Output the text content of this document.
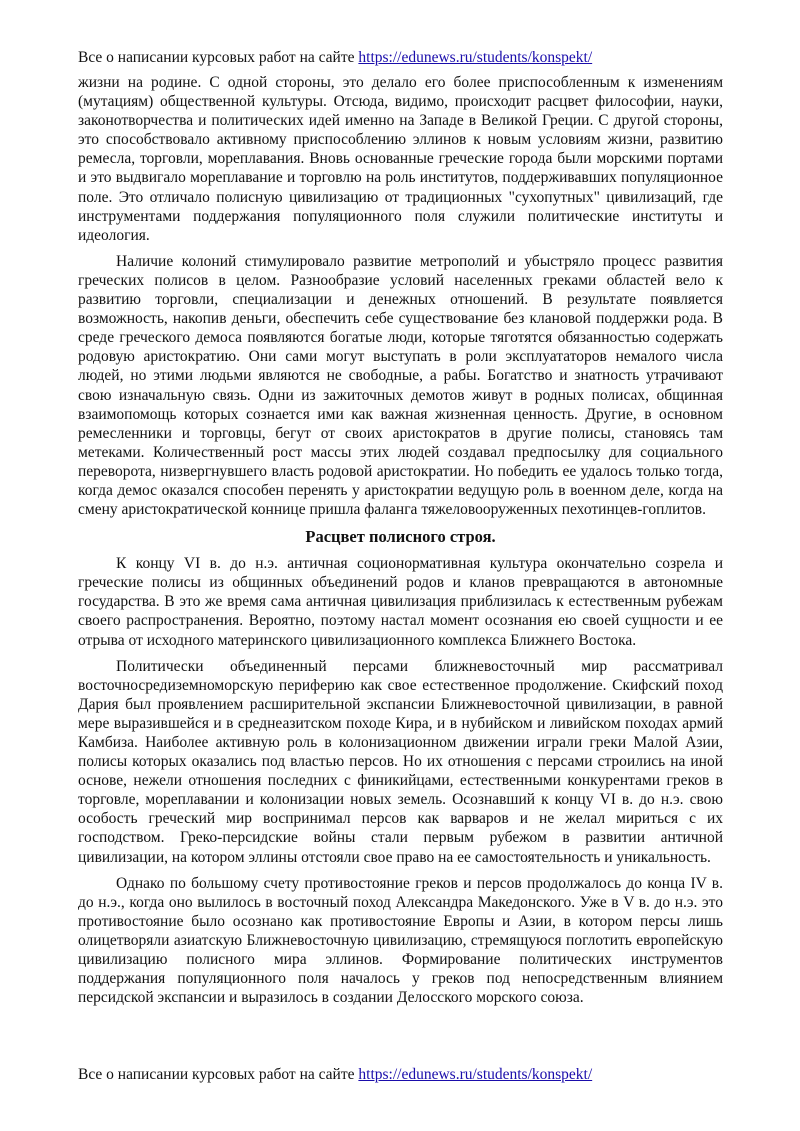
Все о написании курсовых работ на сайте https://edunews.ru/students/konspekt/

жизни на родине. С одной стороны, это делало его более приспособленным к изменениям (мутациям) общественной культуры. Отсюда, видимо, происходит расцвет философии, науки, законотворчества и политических идей именно на Западе в Великой Греции. С другой стороны, это способствовало активному приспособлению эллинов к новым условиям жизни, развитию ремесла, торговли, мореплавания. Вновь основанные греческие города были морскими портами и это выдвигало мореплавание и торговлю на роль институтов, поддерживавших популяционное поле. Это отличало полисную цивилизацию от традиционных "сухопутных" цивилизаций, где инструментами поддержания популяционного поля служили политические институты и идеология.

Наличие колоний стимулировало развитие метрополий и убыстряло процесс развития греческих полисов в целом. Разнообразие условий населенных греками областей вело к развитию торговли, специализации и денежных отношений. В результате появляется возможность, накопив деньги, обеспечить себе существование без клановой поддержки рода. В среде греческого демоса появляются богатые люди, которые тяготятся обязанностью содержать родовую аристократию. Они сами могут выступать в роли эксплуататоров немалого числа людей, но этими людьми являются не свободные, а рабы. Богатство и знатность утрачивают свою изначальную связь. Одни из зажиточных демотов живут в родных полисах, общинная взаимопомощь которых сознается ими как важная жизненная ценность. Другие, в основном ремесленники и торговцы, бегут от своих аристократов в другие полисы, становясь там метеками. Количественный рост массы этих людей создавал предпосылку для социального переворота, низвергнувшего власть родовой аристократии. Но победить ее удалось только тогда, когда демос оказался способен перенять у аристократии ведущую роль в военном деле, когда на смену аристократической коннице пришла фаланга тяжеловооруженных пехотинцев-гоплитов.

Расцвет полисного строя.

К концу VI в. до н.э. античная соционормативная культура окончательно созрела и греческие полисы из общинных объединений родов и кланов превращаются в автономные государства. В это же время сама античная цивилизация приблизилась к естественным рубежам своего распространения. Вероятно, поэтому настал момент осознания ею своей сущности и ее отрыва от исходного материнского цивилизационного комплекса Ближнего Востока.

Политически объединенный персами ближневосточный мир рассматривал восточносредиземноморскую периферию как свое естественное продолжение. Скифский поход Дария был проявлением расширительной экспансии Ближневосточной цивилизации, в равной мере выразившейся и в среднеазитском походе Кира, и в нубийском и ливийском походах армий Камбиза. Наиболее активную роль в колонизационном движении играли греки Малой Азии, полисы которых оказались под властью персов. Но их отношения с персами строились на иной основе, нежели отношения последних с финикийцами, естественными конкурентами греков в торговле, мореплавании и колонизации новых земель. Осознавший к концу VI в. до н.э. свою особость греческий мир воспринимал персов как варваров и не желал мириться с их господством. Греко-персидские войны стали первым рубежом в развитии античной цивилизации, на котором эллины отстояли свое право на ее самостоятельность и уникальность.

Однако по большому счету противостояние греков и персов продолжалось до конца IV в. до н.э., когда оно вылилось в восточный поход Александра Македонского. Уже в V в. до н.э. это противостояние было осознано как противостояние Европы и Азии, в котором персы лишь олицетворяли азиатскую Ближневосточную цивилизацию, стремящуюся поглотить европейскую цивилизацию полисного мира эллинов. Формирование политических инструментов поддержания популяционного поля началось у греков под непосредственным влиянием персидской экспансии и выразилось в создании Делосского морского союза.

Все о написании курсовых работ на сайте https://edunews.ru/students/konspekt/
